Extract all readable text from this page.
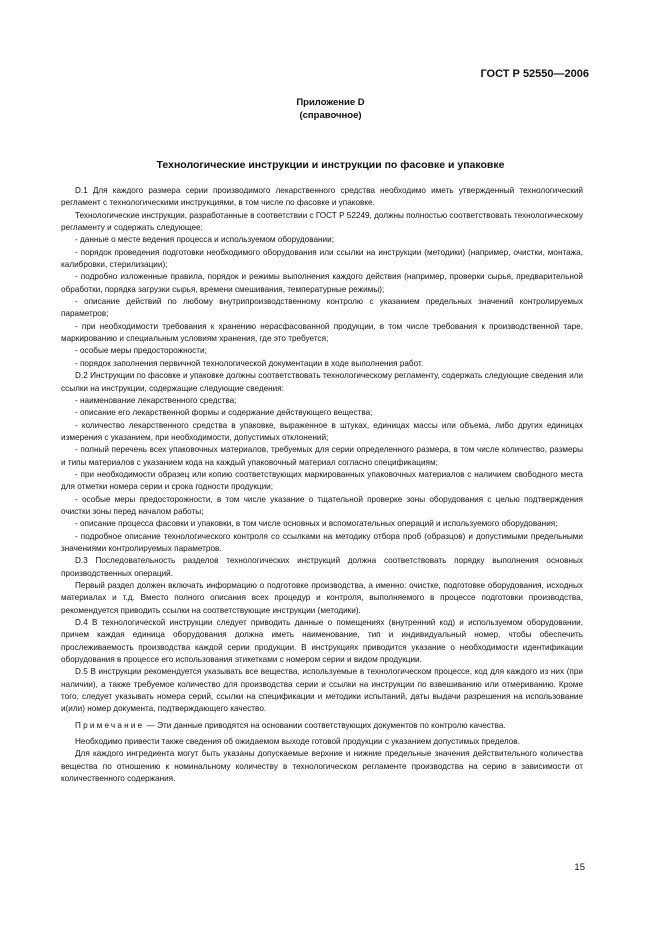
ГОСТ Р 52550—2006
Приложение D
(справочное)
Технологические инструкции и инструкции по фасовке и упаковке

D.1 Для каждого размера серии производимого лекарственного средства необходимо иметь утвержденный технологический регламент с технологическими инструкциями, в том числе по фасовке и упаковке.

Технологические инструкции, разработанные в соответствии с ГОСТ Р 52249, должны полностью соответствовать технологическому регламенту и содержать следующее:

- данные о месте ведения процесса и используемом оборудовании;

- порядок проведения подготовки необходимого оборудования или ссылки на инструкции (методики) (например, очистки, монтажа, калибровки, стерилизации);

- подробно изложенные правила, порядок и режимы выполнения каждого действия (например, проверки сырья, предварительной обработки, порядка загрузки сырья, времени смешивания, температурные режимы);

- описание действий по любому внутрипроизводственному контролю с указанием предельных значений контролируемых параметров;

- при необходимости требования к хранению нерасфасованной продукции, в том числе требования к производственной таре, маркированию и специальным условиям хранения, где это требуется;

- особые меры предосторожности;

- порядок заполнения первичной технологической документации в ходе выполнения работ.

D.2 Инструкции по фасовке и упаковке должны соответствовать технологическому регламенту, содержать следующие сведения или ссылки на инструкции, содержащие следующие сведения:

- наименование лекарственного средства;

- описание его лекарственной формы и содержание действующего вещества;

- количество лекарственного средства в упаковке, выраженное в штуках, единицах массы или объема, либо других единицах измерения с указанием, при необходимости, допустимых отклонений;

- полный перечень всех упаковочных материалов, требуемых для серии определенного размера, в том числе количество, размеры и типы материалов с указанием кода на каждый упаковочный материал согласно спецификациям;

- при необходимости образец или копию соответствующих маркированных упаковочных материалов с наличием свободного места для отметки номера серии и срока годности продукции;

- особые меры предосторожности, в том числе указание о тщательной проверке зоны оборудования с целью подтверждения очистки зоны перед началом работы;

- описание процесса фасовки и упаковки, в том числе основных и вспомогательных операций и используемого оборудования;

- подробное описание технологического контроля со ссылками на методику отбора проб (образцов) и допустимыми предельными значениями контролируемых параметров.

D.3 Последовательность разделов технологических инструкций должна соответствовать порядку выполнения основных производственных операций.

Первый раздел должен включать информацию о подготовке производства, а именно: очистке, подготовке оборудования, исходных материалах и т.д. Вместо полного описания всех процедур и контроля, выполняемого в процессе подготовки производства, рекомендуется приводить ссылки на соответствующие инструкции (методики).

D.4 В технологической инструкции следует приводить данные о помещениях (внутренний код) и используемом оборудовании, причем каждая единица оборудования должна иметь наименование, тип и индивидуальный номер, чтобы обеспечить прослеживаемость производства каждой серии продукции. В инструкциях приводится указание о необходимости идентификации оборудования в процессе его использования этикетками с номером серии и видом продукции.

D.5 В инструкции рекомендуется указывать все вещества, используемые в технологическом процессе, код для каждого из них (при наличии), а также требуемое количество для производства серии и ссылки на инструкции по взвешиванию или отмериванию. Кроме того, следует указывать номера серий, ссылки на спецификации и методики испытаний, даты выдачи разрешения на использование и(или) номер документа, подтверждающего качество.

Примечание — Эти данные приводятся на основании соответствующих документов по контролю качества.

Необходимо привести также сведения об ожидаемом выходе готовой продукции с указанием допустимых пределов.

Для каждого ингредиента могут быть указаны допускаемые верхние и нижние предельные значения действительного количества вещества по отношению к номинальному количеству в технологическом регламенте производства на серию в зависимости от количественного содержания.

15
